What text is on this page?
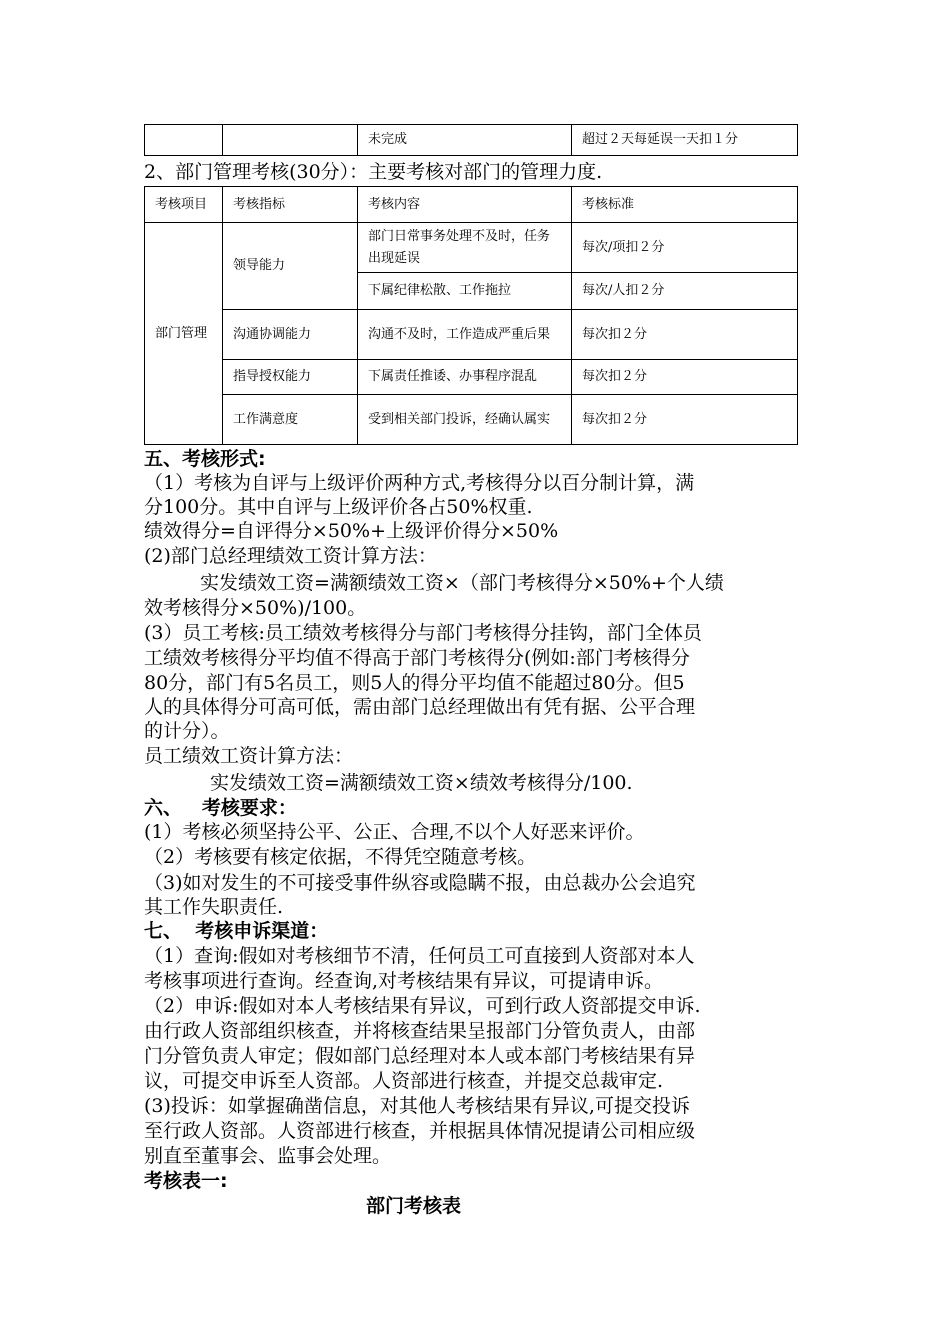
		未完成	超过２天每延误一天扣１分
2、部门管理考核(30分）：主要考核对部门的管理力度.
考核项目	考核指标	考核内容	考核标准
部门管理	领导能力	部门日常事务处理不及时，任务出现延误	每次/项扣２分
		下属纪律松散、工作拖拉	每次/人扣２分
	沟通协调能力	沟通不及时，工作造成严重后果	每次扣２分
	指导授权能力	下属责任推诿、办事程序混乱	每次扣２分
	工作满意度	受到相关部门投诉，经确认属实	每次扣２分
五、考核形式:
（1）考核为自评与上级评价两种方式,考核得分以百分制计算，满
分100分。其中自评与上级评价各占50%权重.
绩效得分=自评得分×50%+上级评价得分×50%
(2)部门总经理绩效工资计算方法：
实发绩效工资=满额绩效工资×（部门考核得分×50%+个人绩
效考核得分×50%)/100。
(3）员工考核:员工绩效考核得分与部门考核得分挂钩，部门全体员
工绩效考核得分平均值不得高于部门考核得分(例如:部门考核得分
80分，部门有5名员工，则5人的得分平均值不能超过80分。但5
人的具体得分可高可低，需由部门总经理做出有凭有据、公平合理
的计分）。
员工绩效工资计算方法：
实发绩效工资=满额绩效工资×绩效考核得分/100.
六、   考核要求：
(1）考核必须坚持公平、公正、合理,不以个人好恶来评价。
（2）考核要有核定依据，不得凭空随意考核。
（3)如对发生的不可接受事件纵容或隐瞒不报，由总裁办公会追究
其工作失职责任.
七、  考核申诉渠道：
（1）查询:假如对考核细节不清，任何员工可直接到人资部对本人
考核事项进行查询。经查询,对考核结果有异议，可提请申诉。
（2）申诉:假如对本人考核结果有异议，可到行政人资部提交申诉.
由行政人资部组织核查，并将核查结果呈报部门分管负责人，由部
门分管负责人审定；假如部门总经理对本人或本部门考核结果有异
议，可提交申诉至人资部。人资部进行核查，并提交总裁审定.
(3)投诉：如掌握确凿信息，对其他人考核结果有异议,可提交投诉
至行政人资部。人资部进行核查，并根据具体情况提请公司相应级
别直至董事会、监事会处理。
考核表一:
部门考核表
